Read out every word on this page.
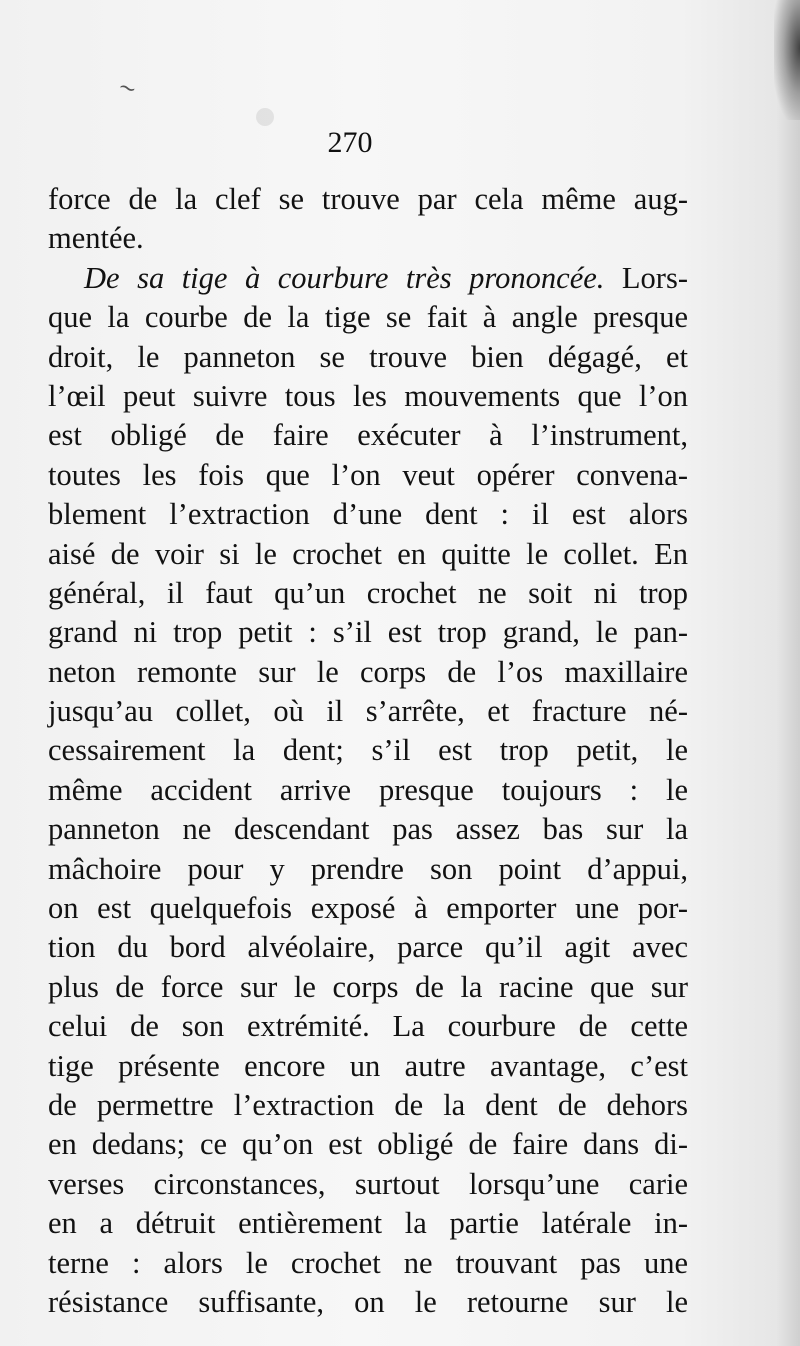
~
270
force de la clef se trouve par cela même aug-
mentée.
De sa tige à courbure très prononcée. Lors-
que la courbe de la tige se fait à angle presque
droit, le panneton se trouve bien dégagé, et
l’œil peut suivre tous les mouvements que l’on
est obligé de faire exécuter à l’instrument,
toutes les fois que l’on veut opérer convena-
blement l’extraction d’une dent : il est alors
aisé de voir si le crochet en quitte le collet. En
général, il faut qu’un crochet ne soit ni trop
grand ni trop petit : s’il est trop grand, le pan-
neton remonte sur le corps de l’os maxillaire
jusqu’au collet, où il s’arrête, et fracture né-
cessairement la dent; s’il est trop petit, le
même accident arrive presque toujours : le
panneton ne descendant pas assez bas sur la
mâchoire pour y prendre son point d’appui,
on est quelquefois exposé à emporter une por-
tion du bord alvéolaire, parce qu’il agit avec
plus de force sur le corps de la racine que sur
celui de son extrémité. La courbure de cette
tige présente encore un autre avantage, c’est
de permettre l’extraction de la dent de dehors
en dedans; ce qu’on est obligé de faire dans di-
verses circonstances, surtout lorsqu’une carie
en a détruit entièrement la partie latérale in-
terne : alors le crochet ne trouvant pas une
résistance suffisante, on le retourne sur le
